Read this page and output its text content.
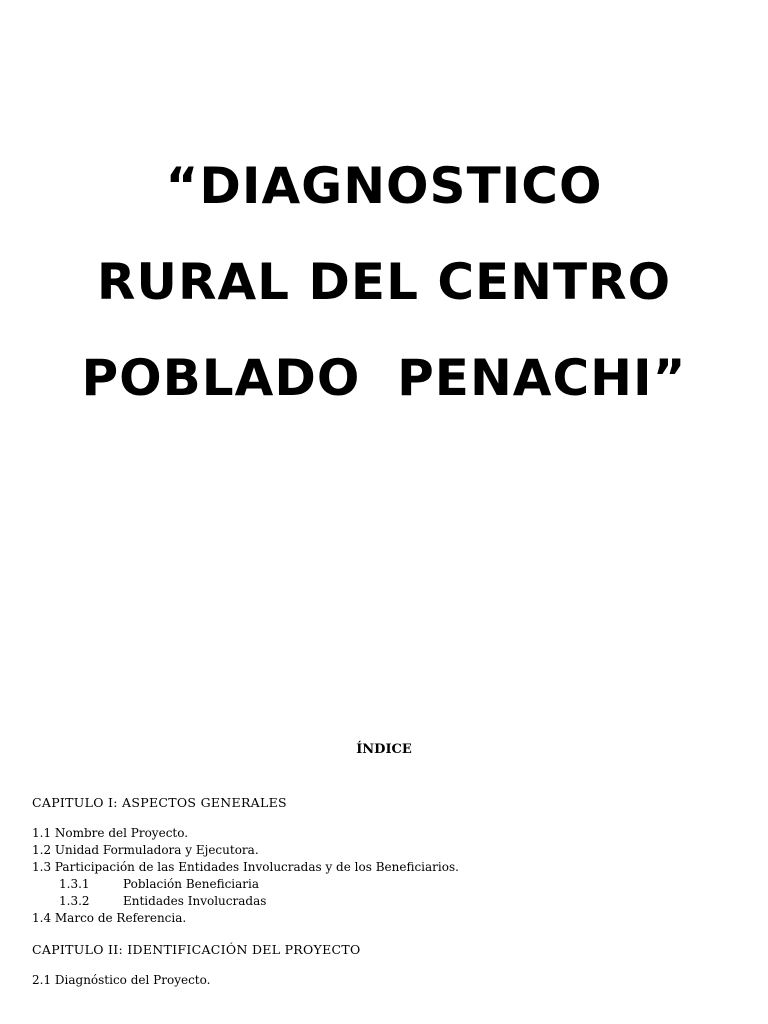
“DIAGNOSTICO
RURAL DEL CENTRO
POBLADO  PENACHI”
ÍNDICE
CAPITULO I: ASPECTOS GENERALES
1.1 Nombre del Proyecto.
1.2 Unidad Formuladora y Ejecutora.
1.3 Participación de las Entidades Involucradas y de los Beneficiarios.
1.3.1	Población Beneficiaria
1.3.2	Entidades Involucradas
1.4 Marco de Referencia.
CAPITULO II: IDENTIFICACIÓN DEL PROYECTO
2.1 Diagnóstico del Proyecto.
